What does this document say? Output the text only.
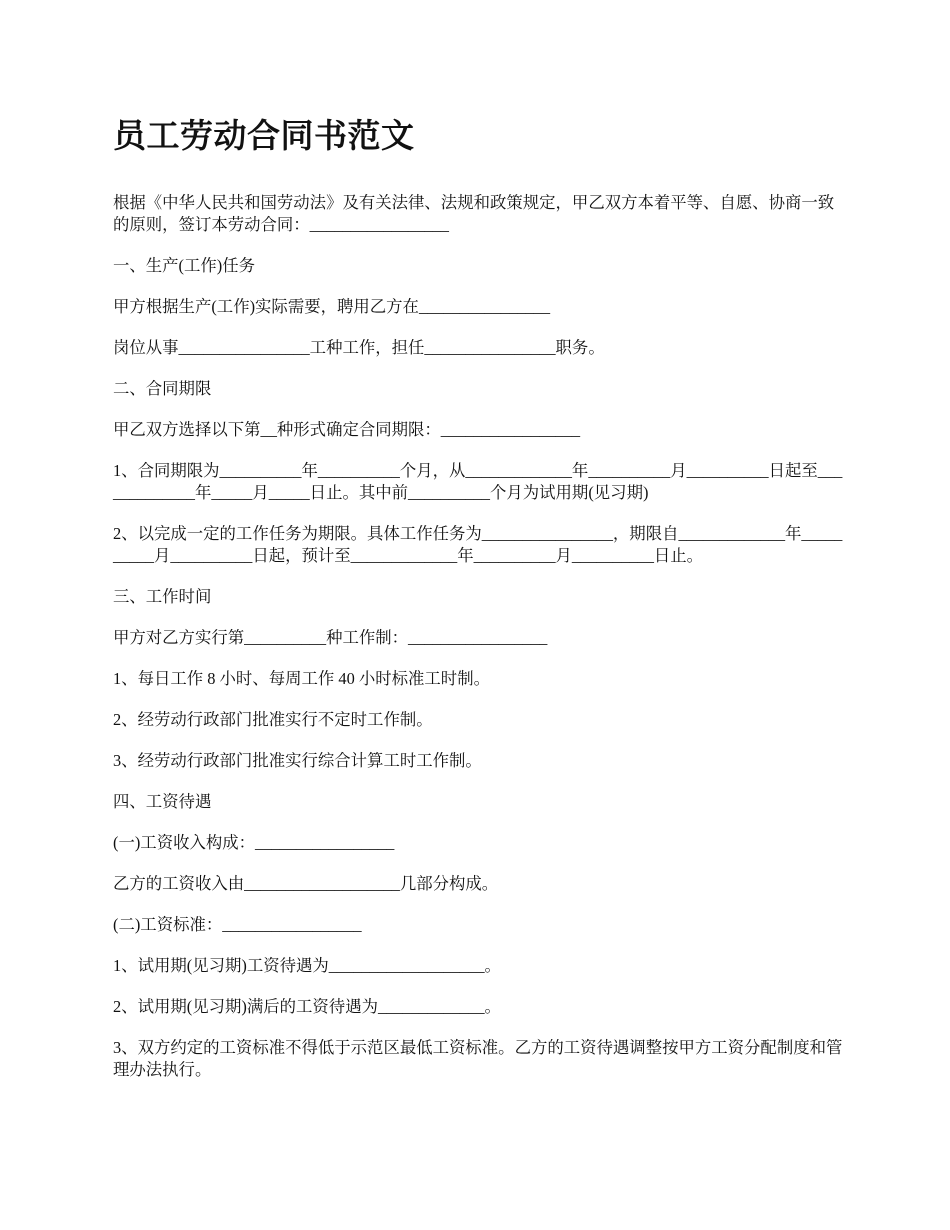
员工劳动合同书范文

根据《中华人民共和国劳动法》及有关法律、法规和政策规定，甲乙双方本着平等、自愿、协商一致的原则，签订本劳动合同：_________________

一、生产(工作)任务

甲方根据生产(工作)实际需要，聘用乙方在________________

岗位从事________________工种工作，担任________________职务。

二、合同期限

甲乙双方选择以下第__种形式确定合同期限：_________________

1、合同期限为__________年__________个月，从_____________年__________月__________日起至_____________年_____月_____日止。其中前__________个月为试用期(见习期)

2、以完成一定的工作任务为期限。具体工作任务为________________，期限自_____________年__________月__________日起，预计至_____________年__________月__________日止。

三、工作时间

甲方对乙方实行第__________种工作制：_________________

1、每日工作 8 小时、每周工作 40 小时标准工时制。

2、经劳动行政部门批准实行不定时工作制。

3、经劳动行政部门批准实行综合计算工时工作制。

四、工资待遇

(一)工资收入构成：_________________

乙方的工资收入由___________________几部分构成。

(二)工资标准：_________________

1、试用期(见习期)工资待遇为___________________。

2、试用期(见习期)满后的工资待遇为_____________。

3、双方约定的工资标准不得低于示范区最低工资标准。乙方的工资待遇调整按甲方工资分配制度和管理办法执行。
